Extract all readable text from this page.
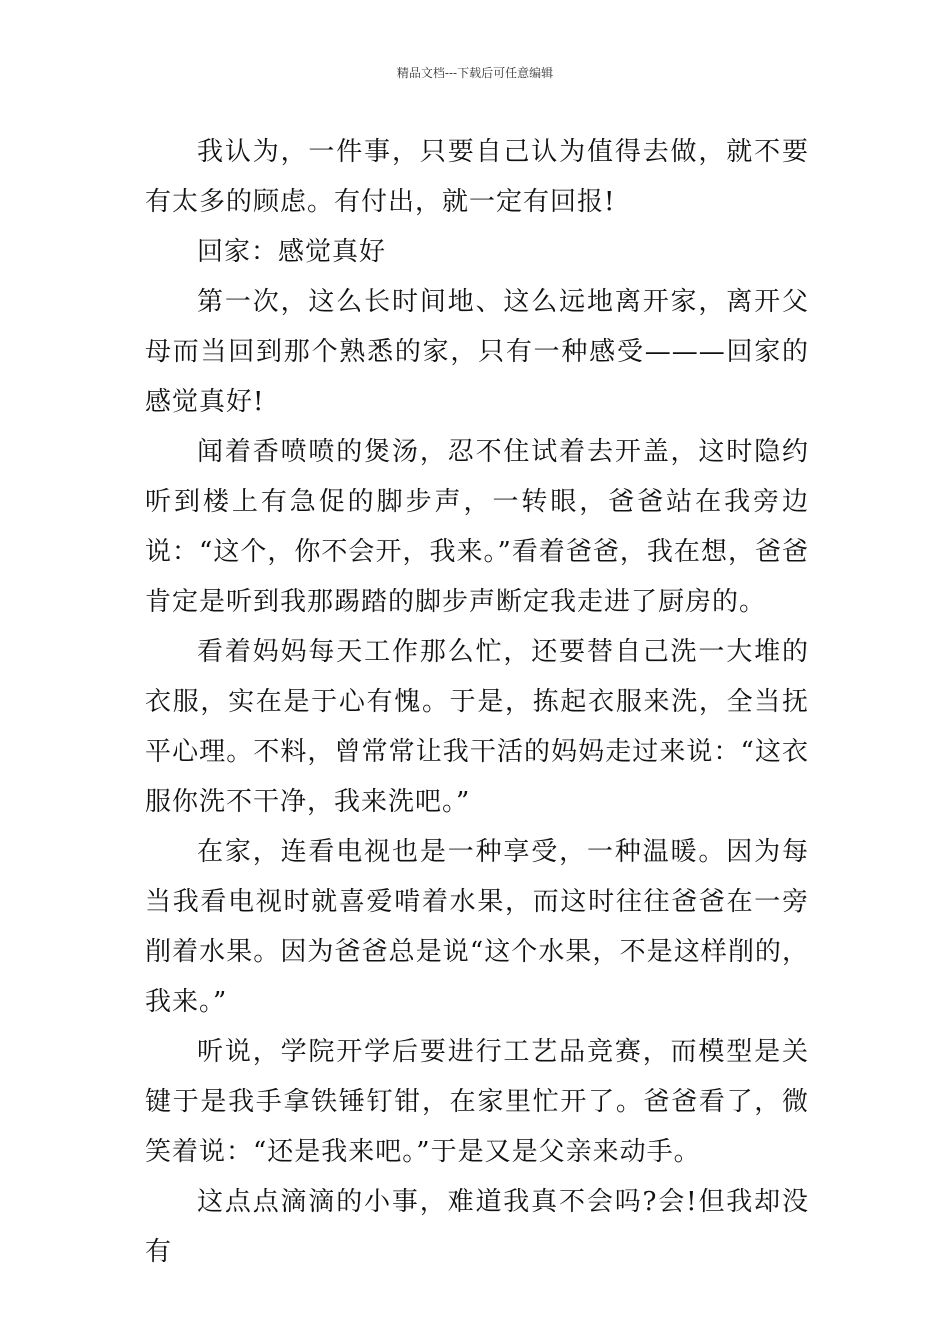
精品文档---下载后可任意编辑

我认为，一件事，只要自己认为值得去做，就不要有太多的顾虑。有付出，就一定有回报!

回家：感觉真好

第一次，这么长时间地、这么远地离开家，离开父母而当回到那个熟悉的家，只有一种感受———回家的感觉真好!

闻着香喷喷的煲汤，忍不住试着去开盖，这时隐约听到楼上有急促的脚步声，一转眼，爸爸站在我旁边说：“这个，你不会开，我来。”看着爸爸，我在想，爸爸肯定是听到我那踢踏的脚步声断定我走进了厨房的。

看着妈妈每天工作那么忙，还要替自己洗一大堆的衣服，实在是于心有愧。于是，拣起衣服来洗，全当抚平心理。不料，曾常常让我干活的妈妈走过来说：“这衣服你洗不干净，我来洗吧。”

在家，连看电视也是一种享受，一种温暖。因为每当我看电视时就喜爱啃着水果，而这时往往爸爸在一旁削着水果。因为爸爸总是说“这个水果，不是这样削的，我来。”

听说，学院开学后要进行工艺品竞赛，而模型是关键于是我手拿铁锤钉钳，在家里忙开了。爸爸看了，微笑着说：“还是我来吧。”于是又是父亲来动手。

这点点滴滴的小事，难道我真不会吗?会!但我却没有
